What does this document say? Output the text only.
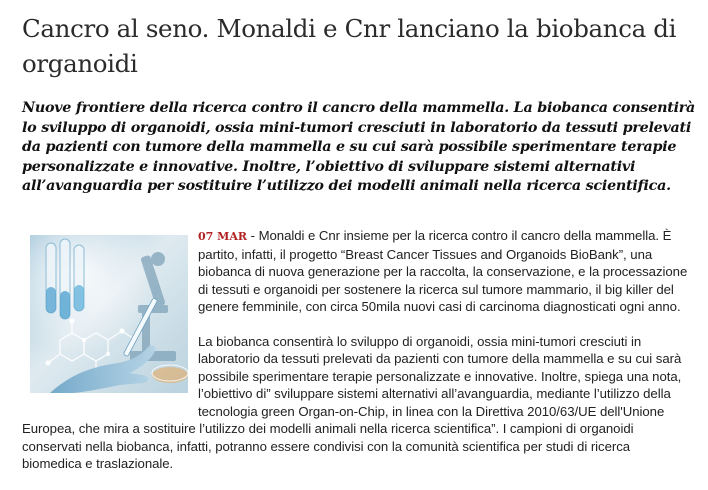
Cancro al seno. Monaldi e Cnr lanciano la biobanca di organoidi

Nuove frontiere della ricerca contro il cancro della mammella. La biobanca consentirà lo sviluppo di organoidi, ossia mini-tumori cresciuti in laboratorio da tessuti prelevati da pazienti con tumore della mammella e su cui sarà possibile sperimentare terapie personalizzate e innovative. Inoltre, l’obiettivo di sviluppare sistemi alternativi all’avanguardia per sostituire l’utilizzo dei modelli animali nella ricerca scientifica.

07 MAR - Monaldi e Cnr insieme per la ricerca contro il cancro della mammella. È partito, infatti, il progetto “Breast Cancer Tissues and Organoids BioBank”, una biobanca di nuova generazione per la raccolta, la conservazione, e la processazione di tessuti e organoidi per sostenere la ricerca sul tumore mammario, il big killer del genere femminile, con circa 50mila nuovi casi di carcinoma diagnosticati ogni anno.

La biobanca consentirà lo sviluppo di organoidi, ossia mini-tumori cresciuti in laboratorio da tessuti prelevati da pazienti con tumore della mammella e su cui sarà possibile sperimentare terapie personalizzate e innovative. Inoltre, spiega una nota, l’obiettivo di” sviluppare sistemi alternativi all’avanguardia, mediante l’utilizzo della tecnologia green Organ-on-Chip, in linea con la Direttiva 2010/63/UE dell'Unione Europea, che mira a sostituire l’utilizzo dei modelli animali nella ricerca scientifica”. I campioni di organoidi conservati nella biobanca, infatti, potranno essere condivisi con la comunità scientifica per studi di ricerca biomedica e traslazionale.
